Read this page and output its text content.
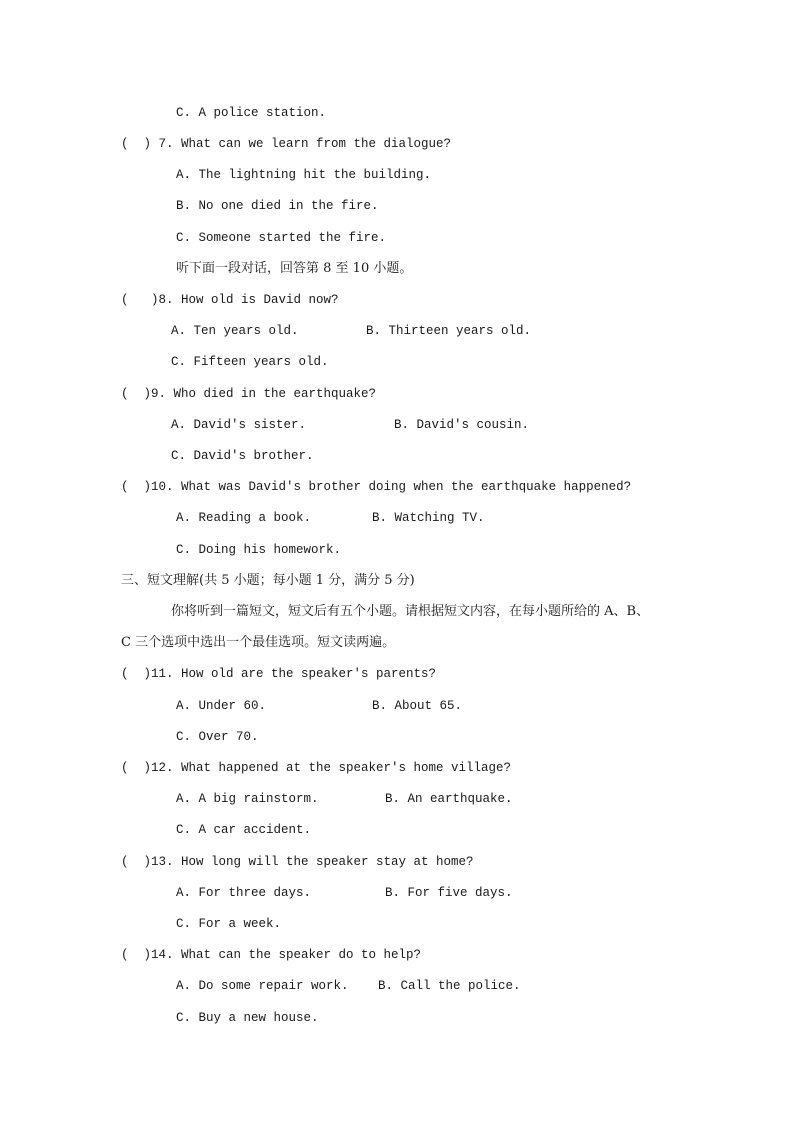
C. A police station.
(  ) 7. What can we learn from the dialogue?
A. The lightning hit the building.
B. No one died in the fire.
C. Someone started the fire.
听下面一段对话，回答第 8 至 10 小题。
(   )8. How old is David now?
A. Ten years old.	B. Thirteen years old.
C. Fifteen years old.
(  )9. Who died in the earthquake?
A. David's sister.	B. David's cousin.
C. David's brother.
(  )10. What was David's brother doing when the earthquake happened?
A. Reading a book.	B. Watching TV.
C. Doing his homework.
三、短文理解(共 5 小题；每小题 1 分，满分 5 分)
你将听到一篇短文，短文后有五个小题。请根据短文内容，在每小题所给的 A、B、
C 三个选项中选出一个最佳选项。短文读两遍。
(  )11. How old are the speaker's parents?
A. Under 60.	B. About 65.
C. Over 70.
(  )12. What happened at the speaker's home village?
A. A big rainstorm.	B. An earthquake.
C. A car accident.
(  )13. How long will the speaker stay at home?
A. For three days.	B. For five days.
C. For a week.
(  )14. What can the speaker do to help?
A. Do some repair work. B. Call the police.
C. Buy a new house.
